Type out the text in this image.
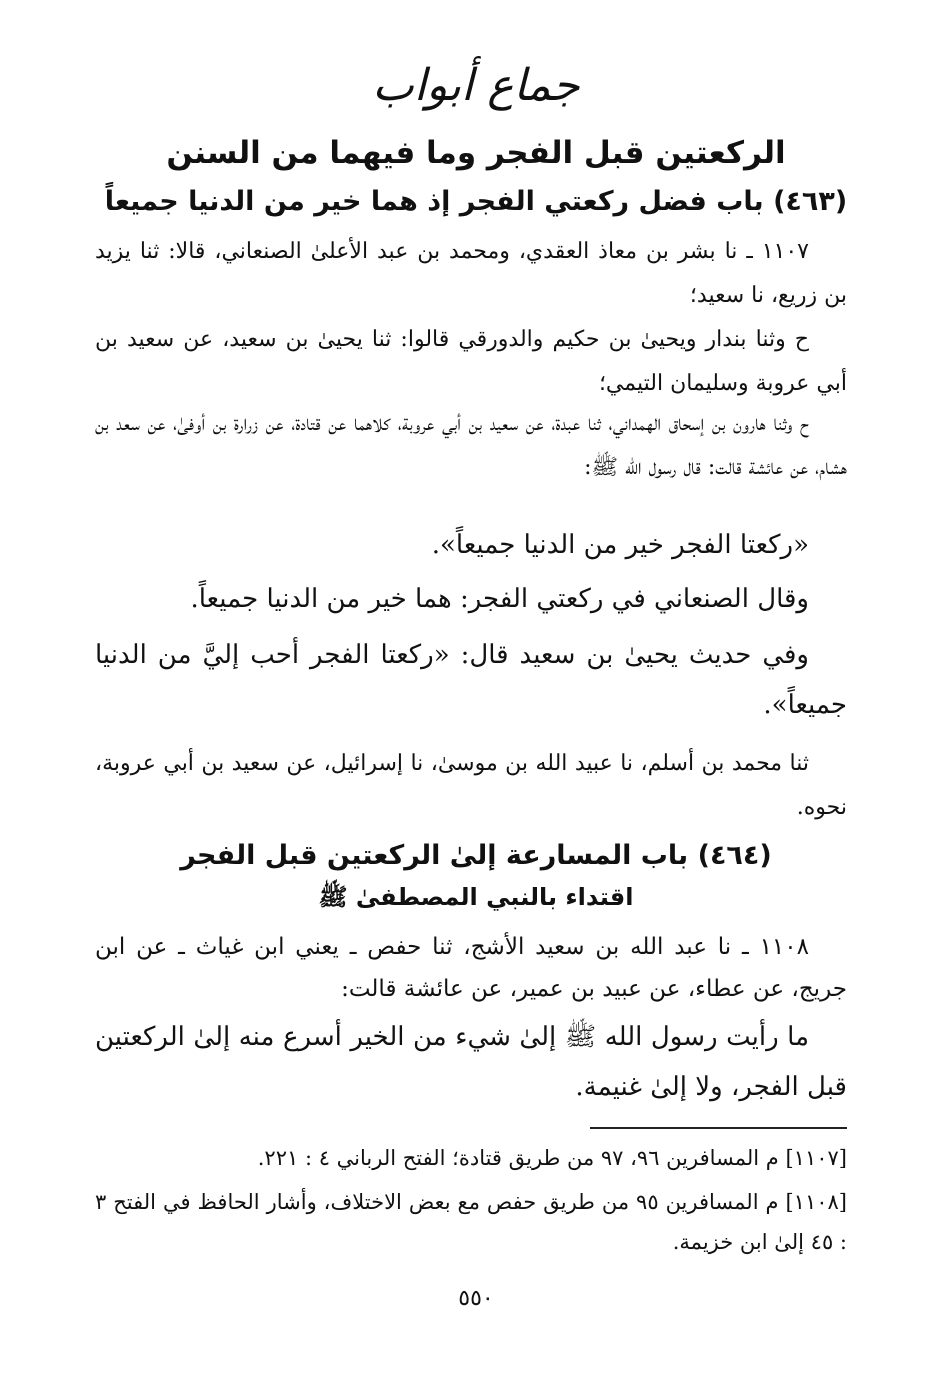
جماع أبواب
الركعتين قبل الفجر وما فيهما من السنن
(٤٦٣) باب فضل ركعتي الفجر إذ هما خير من الدنيا جميعاً
١١٠٧ ـ نا بشر بن معاذ العقدي، ومحمد بن عبد الأعلىٰ الصنعاني، قالا: ثنا يزيد بن زريع، نا سعيد؛
ح وثنا بندار ويحيىٰ بن حكيم والدورقي قالوا: ثنا يحيىٰ بن سعيد، عن سعيد بن أبي عروبة وسليمان التيمي؛
ح وثنا هارون بن إسحاق الهمداني، ثنا عبدة، عن سعيد بن أبي عروبة، كلاهما عن قتادة، عن زرارة بن أوفىٰ، عن سعد بن هشام، عن عائشة قالت: قال رسول الله ﷺ:
«ركعتا الفجر خير من الدنيا جميعاً».
وقال الصنعاني في ركعتي الفجر: هما خير من الدنيا جميعاً.
وفي حديث يحيىٰ بن سعيد قال: «ركعتا الفجر أحب إليَّ من الدنيا جميعاً».
ثنا محمد بن أسلم، نا عبيد الله بن موسىٰ، نا إسرائيل، عن سعيد بن أبي عروبة، نحوه.
(٤٦٤) باب المسارعة إلىٰ الركعتين قبل الفجر
اقتداء بالنبي المصطفىٰ ﷺ
١١٠٨ ـ نا عبد الله بن سعيد الأشج، ثنا حفص ـ يعني ابن غياث ـ عن ابن جريج، عن عطاء، عن عبيد بن عمير، عن عائشة قالت:
ما رأيت رسول الله ﷺ إلىٰ شيء من الخير أسرع منه إلىٰ الركعتين قبل الفجر، ولا إلىٰ غنيمة.
[١١٠٧] م المسافرين ٩٦، ٩٧ من طريق قتادة؛ الفتح الرباني ٤ : ٢٢١.
[١١٠٨] م المسافرين ٩٥ من طريق حفص مع بعض الاختلاف، وأشار الحافظ في الفتح ٣ : ٤٥ إلىٰ ابن خزيمة.
٥٥٠
